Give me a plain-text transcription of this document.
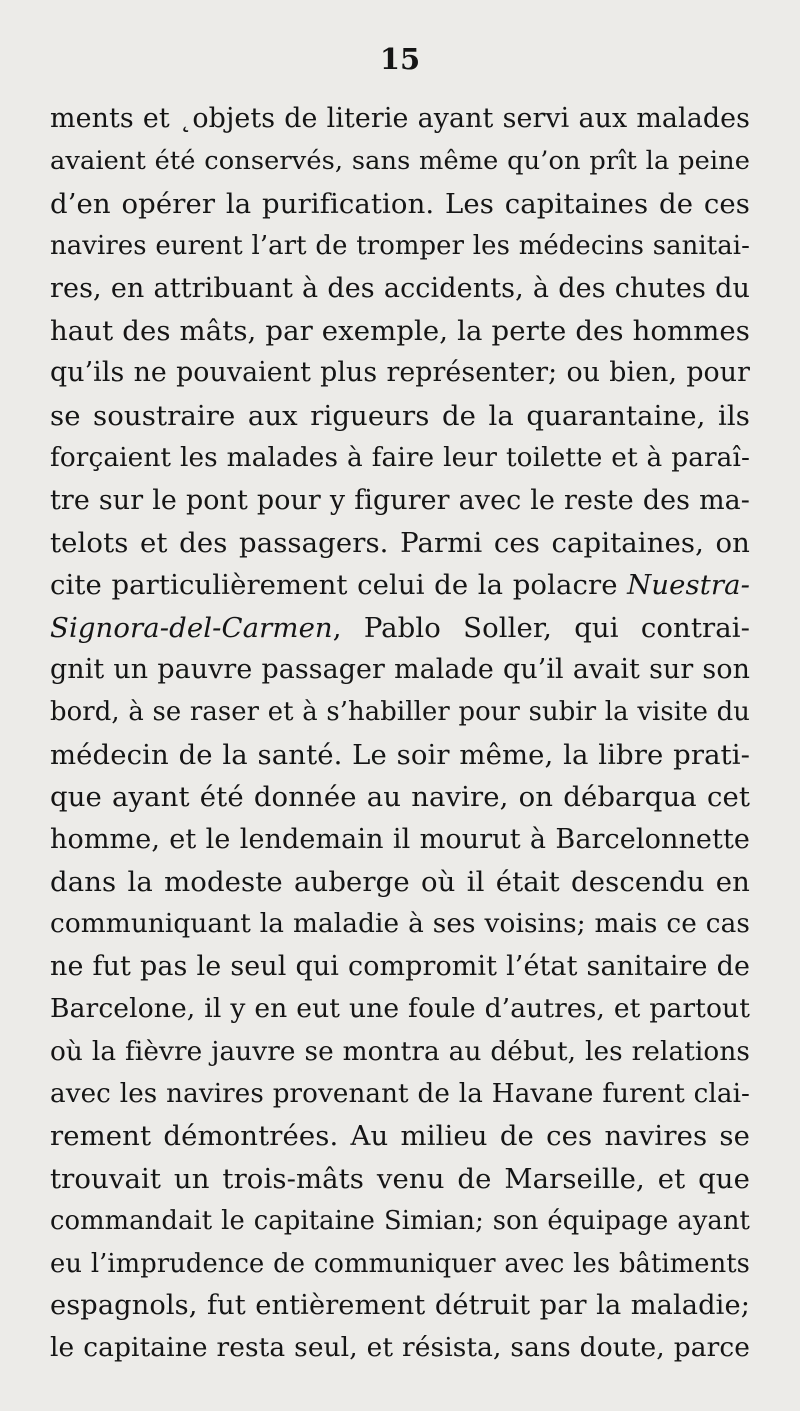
15
ments et ˛objets de literie ayant servi aux malades
avaient été conservés, sans même qu’on prît la peine
d’en opérer la purification. Les capitaines de ces
navires eurent l’art de tromper les médecins sanitai-
res, en attribuant à des accidents, à des chutes du
haut des mâts, par exemple, la perte des hommes
qu’ils ne pouvaient plus représenter; ou bien, pour
se soustraire aux rigueurs de la quarantaine, ils
forçaient les malades à faire leur toilette et à paraî-
tre sur le pont pour y figurer avec le reste des ma-
telots et des passagers. Parmi ces capitaines, on
cite particulièrement celui de la polacre Nuestra-
Signora-del-Carmen, Pablo Soller, qui contrai-
gnit un pauvre passager malade qu’il avait sur son
bord, à se raser et à s’habiller pour subir la visite du
médecin de la santé. Le soir même, la libre prati-
que ayant été donnée au navire, on débarqua cet
homme, et le lendemain il mourut à Barcelonnette
dans la modeste auberge où il était descendu en
communiquant la maladie à ses voisins; mais ce cas
ne fut pas le seul qui compromit l’état sanitaire de
Barcelone, il y en eut une foule d’autres, et partout
où la fièvre jauvre se montra au début, les relations
avec les navires provenant de la Havane furent clai-
rement démontrées. Au milieu de ces navires se
trouvait un trois-mâts venu de Marseille, et que
commandait le capitaine Simian; son équipage ayant
eu l’imprudence de communiquer avec les bâtiments
espagnols, fut entièrement détruit par la maladie;
le capitaine resta seul, et résista, sans doute, parce
